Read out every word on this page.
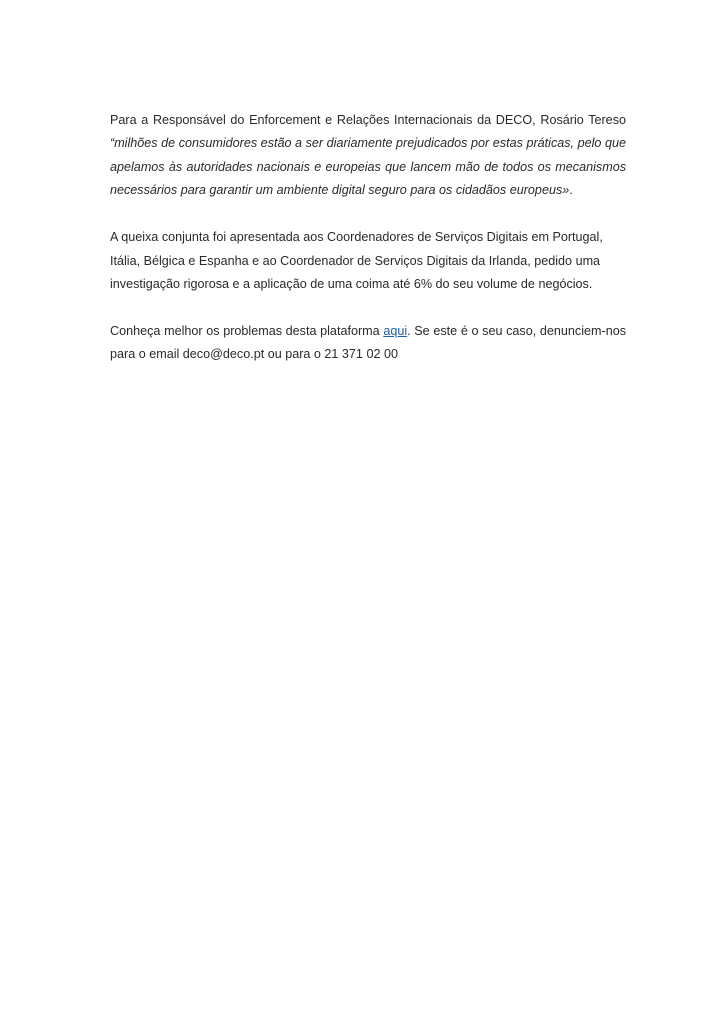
Para a Responsável do Enforcement e Relações Internacionais da DECO, Rosário Tereso “milhões de consumidores estão a ser diariamente prejudicados por estas práticas, pelo que apelamos às autoridades nacionais e europeias que lancem mão de todos os mecanismos necessários para garantir um ambiente digital seguro para os cidadãos europeus».

A queixa conjunta foi apresentada aos Coordenadores de Serviços Digitais em Portugal, Itália, Bélgica e Espanha e ao Coordenador de Serviços Digitais da Irlanda, pedido uma investigação rigorosa e a aplicação de uma coima até 6% do seu volume de negócios.

Conheça melhor os problemas desta plataforma aqui. Se este é o seu caso, denunciem-nos para o email deco@deco.pt ou para o 21 371 02 00
